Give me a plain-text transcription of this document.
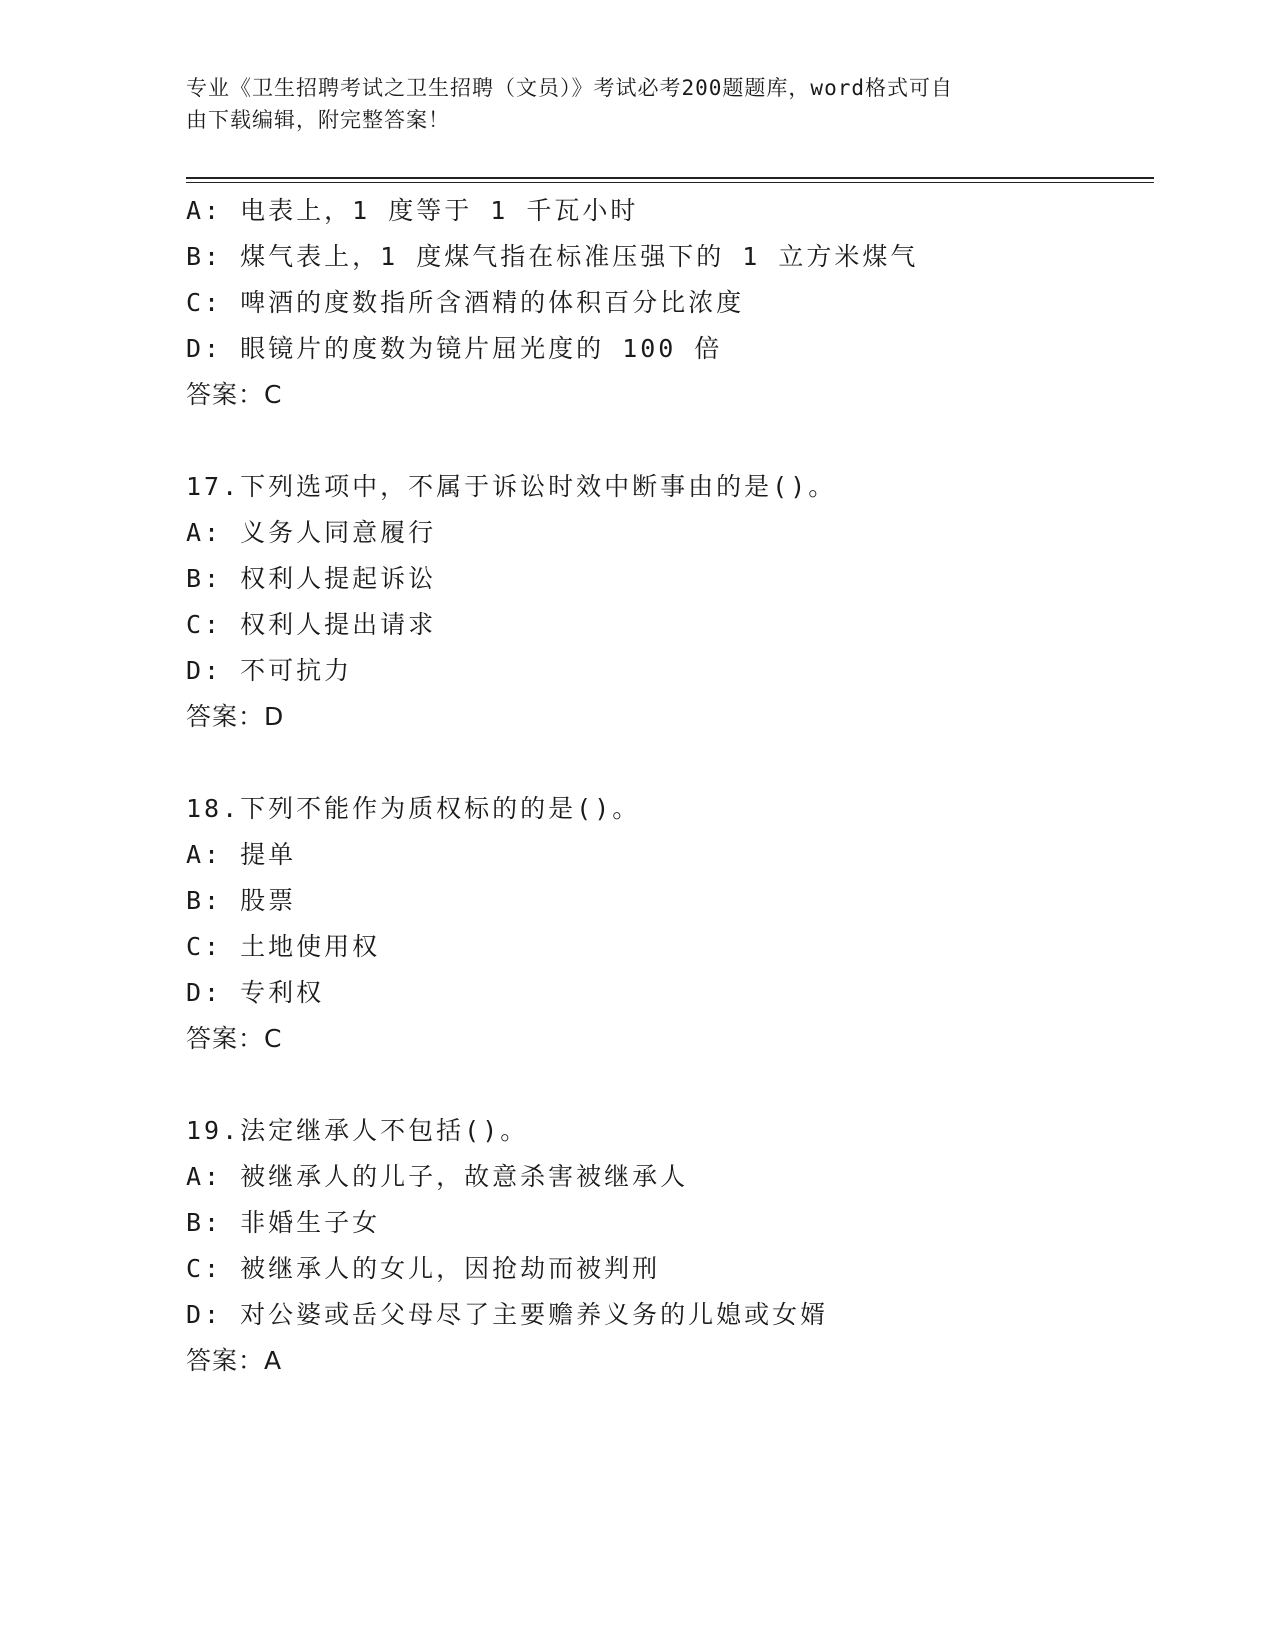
专业《卫生招聘考试之卫生招聘（文员）》考试必考200题题库，word格式可自
由下载编辑，附完整答案！
A: 电表上，1 度等于 1 千瓦小时
B: 煤气表上，1 度煤气指在标准压强下的 1 立方米煤气
C: 啤酒的度数指所含酒精的体积百分比浓度
D: 眼镜片的度数为镜片屈光度的 100 倍
答案：C
17.下列选项中，不属于诉讼时效中断事由的是()。
A: 义务人同意履行
B: 权利人提起诉讼
C: 权利人提出请求
D: 不可抗力
答案：D
18.下列不能作为质权标的的是()。
A: 提单
B: 股票
C: 土地使用权
D: 专利权
答案：C
19.法定继承人不包括()。
A: 被继承人的儿子，故意杀害被继承人
B: 非婚生子女
C: 被继承人的女儿，因抢劫而被判刑
D: 对公婆或岳父母尽了主要赡养义务的儿媳或女婿
答案：A
